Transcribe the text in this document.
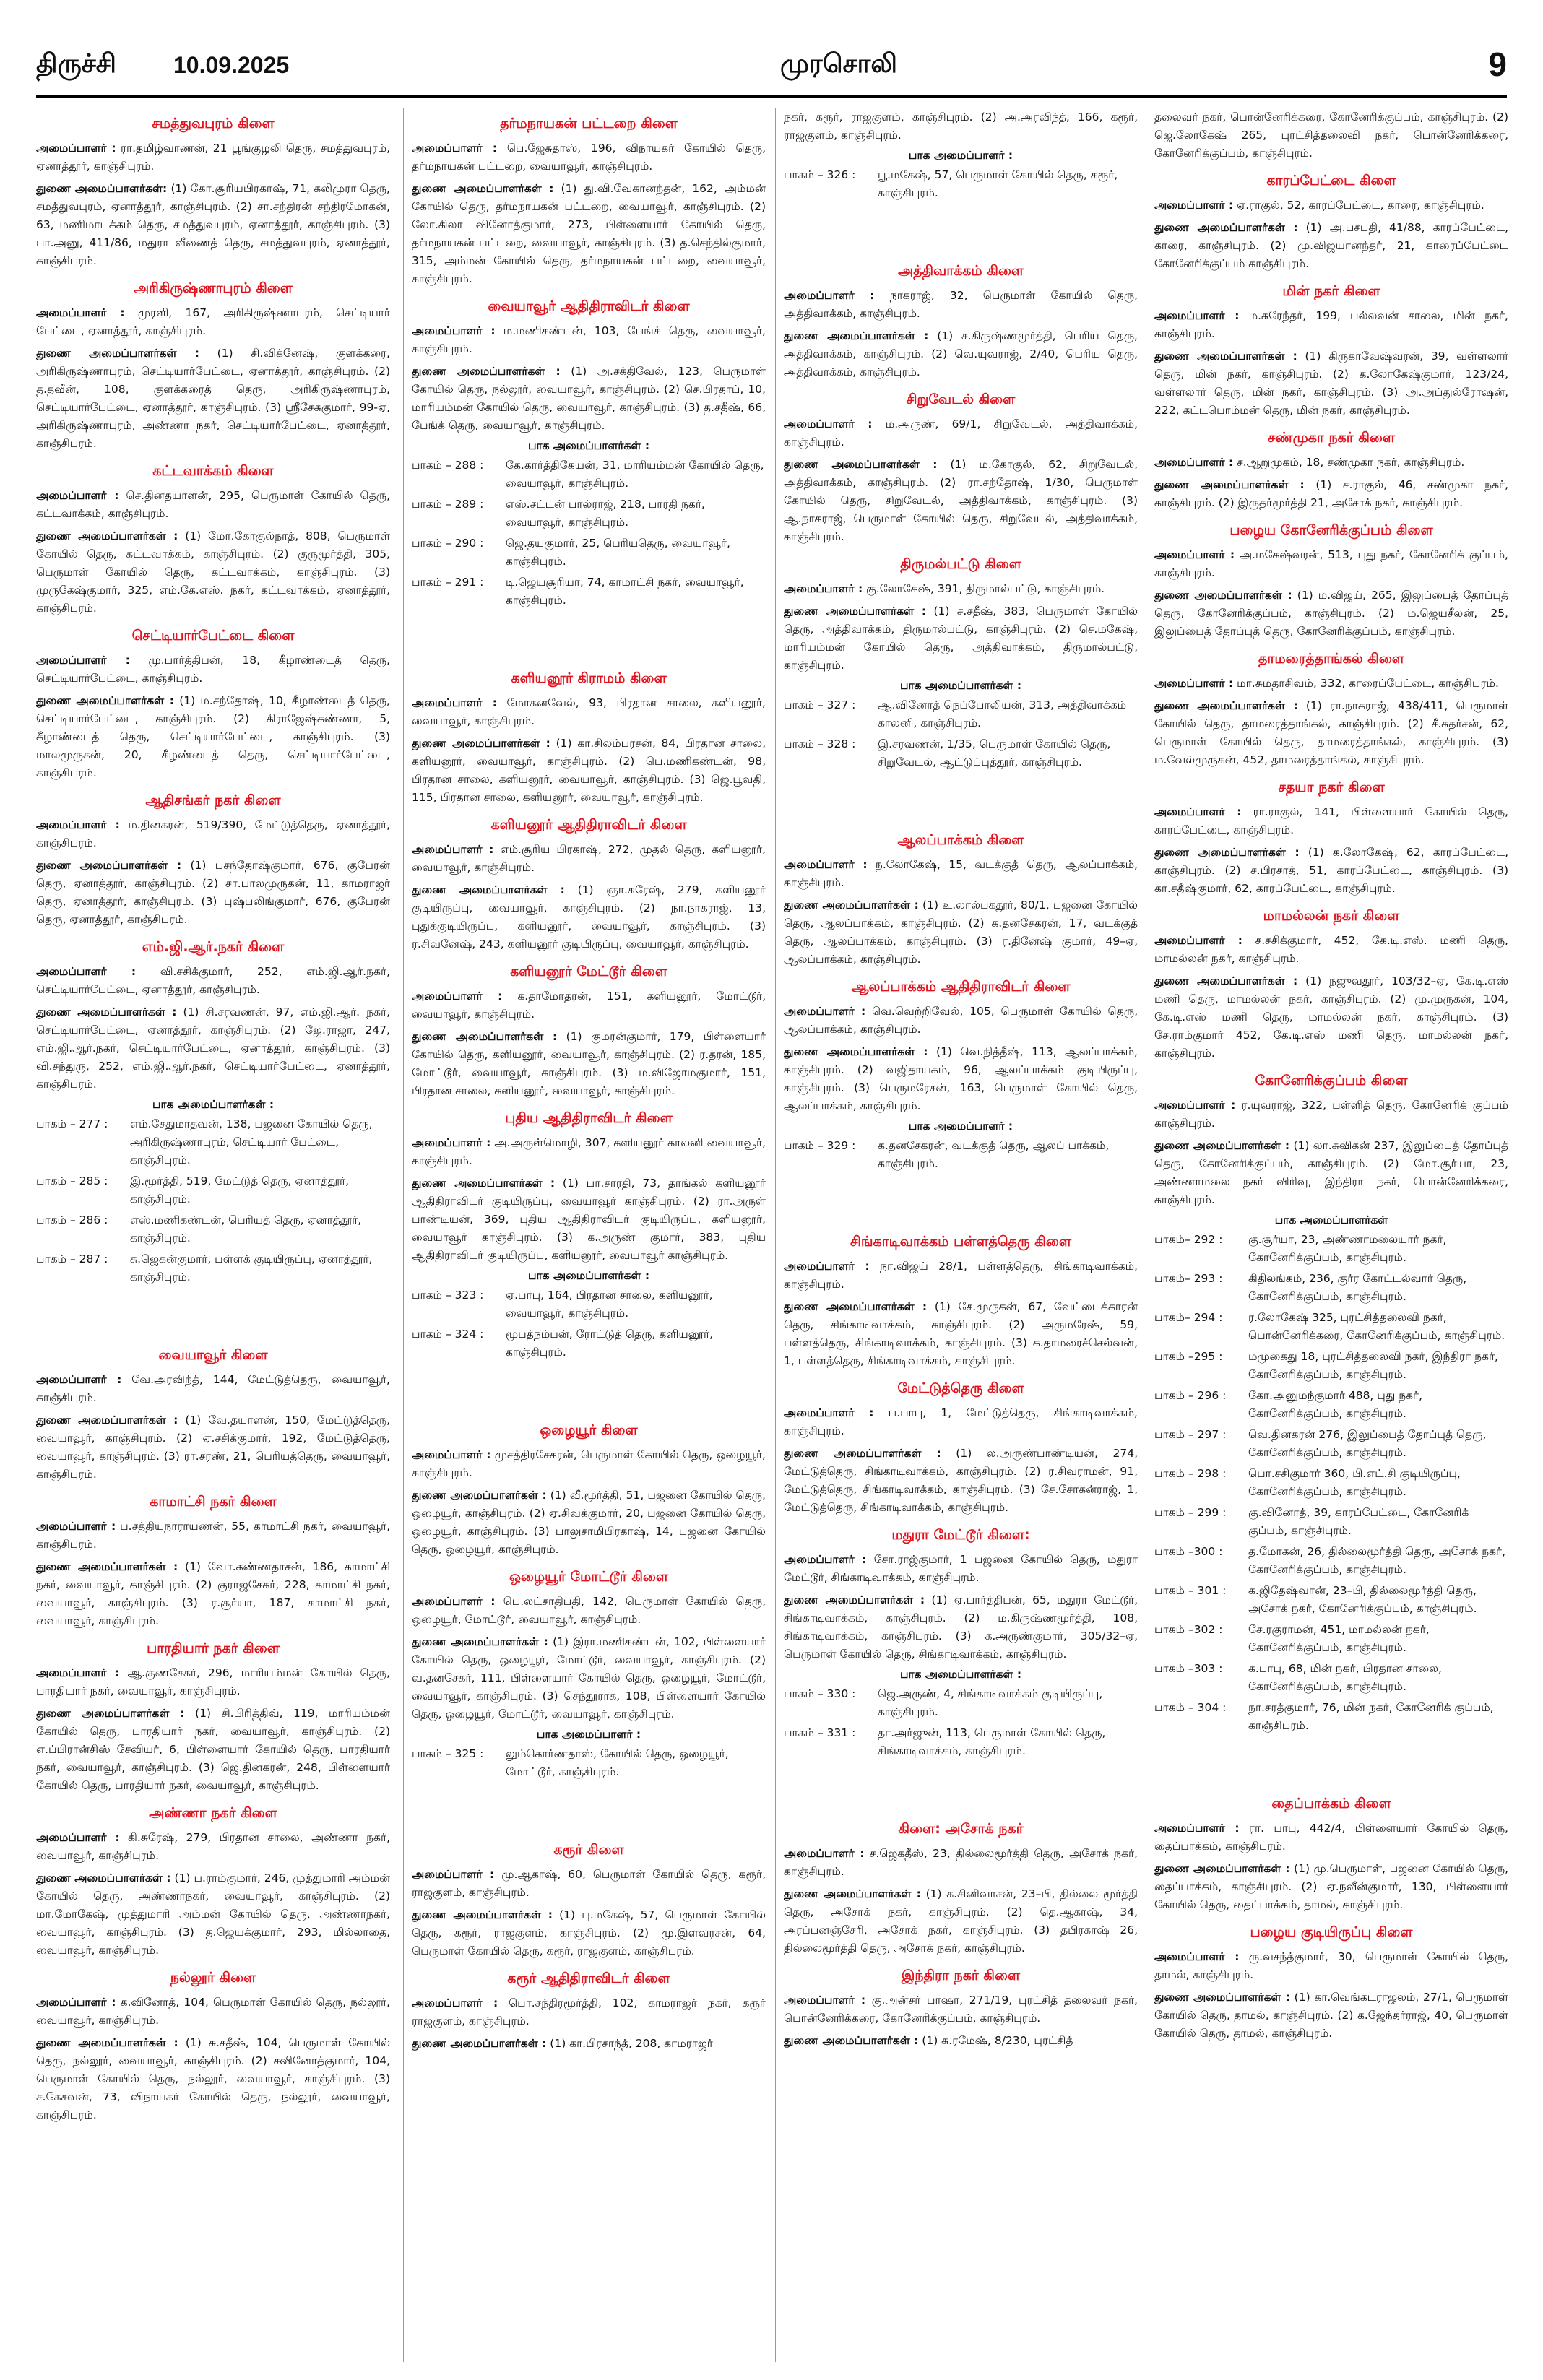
திருச்சி 10.09.2025	முரசொலி	9
சமத்துவபுரம் கிளை
அமைப்பாளர் : ரா.தமிழ்வாணன், 21 பூங்குழலி தெரு, சமத்துவபுரம், ஏனாத்தூர், காஞ்சிபுரம்.
துணை அமைப்பாளர்கள்: (1) கோ.சூரியபிரகாஷ், 71, கலிமுரா தெரு, சமத்துவபுரம், ஏனாத்தூர், காஞ்சிபுரம். (2) சா.சந்திரன் சந்திரமோகன், 63, மணிமாடக்கம் தெரு, சமத்துவபுரம், ஏனாத்தூர், காஞ்சிபுரம். (3) பா.அனு, 411/86, மதுரா வீணைத் தெரு, சமத்துவபுரம், ஏனாத்தூர், காஞ்சிபுரம்.
அரிகிருஷ்ணாபுரம் கிளை
அமைப்பாளர் : முரளி, 167, அரிகிருஷ்ணாபுரம், செட்டியார் பேட்டை, ஏனாத்தூர், காஞ்சிபுரம்.
துணை அமைப்பாளர்கள் : (1) சி.விக்னேஷ், குளக்கரை, அரிகிருஷ்ணாபுரம், செட்டியார்பேட்டை, ஏனாத்தூர், காஞ்சிபுரம். (2) த.தவீன், 108, குளக்கரைத் தெரு, அரிகிருஷ்ணாபுரம், செட்டியார்பேட்டை, ஏனாத்தூர், காஞ்சிபுரம். (3) ஸ்ரீசேசுகுமார், 99-ஏ, அரிகிருஷ்ணாபுரம், அண்ணா நகர், செட்டியார்பேட்டை, ஏனாத்தூர், காஞ்சிபுரம்.
கட்டவாக்கம் கிளை
அமைப்பாளர் : செ.தினதயாளன், 295, பெருமாள் கோயில் தெரு, கட்டவாக்கம், காஞ்சிபுரம்.
துணை அமைப்பாளர்கள் : (1) மோ.கோகுல்நாத், 808, பெருமாள் கோயில் தெரு, கட்டவாக்கம், காஞ்சிபுரம். (2) குருமூர்த்தி, 305, பெருமாள் கோயில் தெரு, கட்டவாக்கம், காஞ்சிபுரம். (3) முருகேஷ்குமார், 325, எம்.கே.எஸ். நகர், கட்டவாக்கம், ஏனாத்தூர், காஞ்சிபுரம்.
செட்டியார்பேட்டை கிளை
அமைப்பாளர் : மு.பார்த்திபன், 18, கீழாண்டைத் தெரு, செட்டியார்பேட்டை, காஞ்சிபுரம்.
துணை அமைப்பாளர்கள் : (1) ம.சந்தோஷ், 10, கீழாண்டைத் தெரு, செட்டியார்பேட்டை, காஞ்சிபுரம். (2) கிராஜேஷ்கண்ணா, 5, கீழாண்டைத் தெரு, செட்டியார்பேட்டை, காஞ்சிபுரம். (3) மாலமுருகன், 20, கீழண்டைத் தெரு, செட்டியார்பேட்டை, காஞ்சிபுரம்.
ஆதிசங்கர் நகர் கிளை
அமைப்பாளர் : ம.தினகரன், 519/390, மேட்டுத்தெரு, ஏனாத்தூர், காஞ்சிபுரம்.
துணை அமைப்பாளர்கள் : (1) பசந்தோஷ்குமார், 676, குபேரன் தெரு, ஏனாத்தூர், காஞ்சிபுரம். (2) சா.பாலமுருகன், 11, காமராஜர் தெரு, ஏனாத்தூர், காஞ்சிபுரம். (3) புஷ்பலிங்குமார், 676, குபேரன் தெரு, ஏனாத்தூர், காஞ்சிபுரம்.
எம்.ஜி.ஆர்.நகர் கிளை
அமைப்பாளர் : வி.சசிக்குமார், 252, எம்.ஜி.ஆர்.நகர், செட்டியார்பேட்டை, ஏனாத்தூர், காஞ்சிபுரம்.
துணை அமைப்பாளர்கள் : (1) சி.சரவணன், 97, எம்.ஜி.ஆர். நகர், செட்டியார்பேட்டை, ஏனாத்தூர், காஞ்சிபுரம். (2) ஜே.ராஜா, 247, எம்.ஜி.ஆர்.நகர், செட்டியார்பேட்டை, ஏனாத்தூர், காஞ்சிபுரம். (3) வி.சந்துரு, 252, எம்.ஜி.ஆர்.நகர், செட்டியார்பேட்டை, ஏனாத்தூர், காஞ்சிபுரம்.
பாக அமைப்பாளர்கள் :
பாகம் – 277 :	எம்.சேதுமாதவன், 138, பஜனை கோயில் தெரு, அரிகிருஷ்ணாபுரம், செட்டியார் பேட்டை, காஞ்சிபுரம்.
பாகம் – 285 :	இ.மூர்த்தி, 519, மேட்டுத் தெரு, ஏனாத்தூர், காஞ்சிபுரம்.
பாகம் – 286 :	எஸ்.மணிகண்டன், பெரியத் தெரு, ஏனாத்தூர், காஞ்சிபுரம்.
பாகம் – 287 :	சு.ஜெகன்குமார், பள்ளக் குடியிருப்பு, ஏனாத்தூர், காஞ்சிபுரம்.
வையாவூர் கிளை
அமைப்பாளர் : வே.அரவிந்த், 144, மேட்டுத்தெரு, வையாவூர், காஞ்சிபுரம்.
துணை அமைப்பாளர்கள் : (1) வே.தயாளன், 150, மேட்டுத்தெரு, வையாவூர், காஞ்சிபுரம். (2) ஏ.சசிக்குமார், 192, மேட்டுத்தெரு, வையாவூர், காஞ்சிபுரம். (3) ரா.சரண், 21, பெரியத்தெரு, வையாவூர், காஞ்சிபுரம்.
காமாட்சி நகர் கிளை
அமைப்பாளர் : ப.சத்தியநாராயணன், 55, காமாட்சி நகர், வையாவூர், காஞ்சிபுரம்.
துணை அமைப்பாளர்கள் : (1) வோ.கண்ணதாசன், 186, காமாட்சி நகர், வையாவூர், காஞ்சிபுரம். (2) குராஜசேகர், 228, காமாட்சி நகர், வையாவூர், காஞ்சிபுரம். (3) ர.சூர்யா, 187, காமாட்சி நகர், வையாவூர், காஞ்சிபுரம்.
பாரதியார் நகர் கிளை
அமைப்பாளர் : ஆ.குணசேகர், 296, மாரியம்மன் கோயில் தெரு, பாரதியார் நகர், வையாவூர், காஞ்சிபுரம்.
துணை அமைப்பாளர்கள் : (1) சி.பிரித்திவ், 119, மாரியம்மன் கோயில் தெரு, பாரதியார் நகர், வையாவூர், காஞ்சிபுரம். (2) எ.ப்பிரான்சிஸ் சேவியர், 6, பிள்ளையார் கோயில் தெரு, பாரதியார் நகர், வையாவூர், காஞ்சிபுரம். (3) ஜெ.தினகரன், 248, பிள்ளையார் கோயில் தெரு, பாரதியார் நகர், வையாவூர், காஞ்சிபுரம்.
அண்ணா நகர் கிளை
அமைப்பாளர் : கி.சுரேஷ், 279, பிரதான சாலை, அண்ணா நகர், வையாவூர், காஞ்சிபுரம்.
துணை அமைப்பாளர்கள் : (1) ப.ராம்குமார், 246, முத்துமாரி அம்மன் கோயில் தெரு, அண்ணாநகர், வையாவூர், காஞ்சிபுரம். (2) மா.மோகேஷ், முத்துமாரி அம்மன் கோயில் தெரு, அண்ணாநகர், வையாவூர், காஞ்சிபுரம். (3) த.ஜெயக்குமார், 293, மில்லாதை, வையாவூர், காஞ்சிபுரம்.
நல்லூர் கிளை
அமைப்பாளர் : க.வினோத், 104, பெருமாள் கோயில் தெரு, நல்லூர், வையாவூர், காஞ்சிபுரம்.
துணை அமைப்பாளர்கள் : (1) சு.சதீஷ், 104, பெருமாள் கோயில் தெரு, நல்லூர், வையாவூர், காஞ்சிபுரம். (2) சவினோத்குமார், 104, பெருமாள் கோயில் தெரு, நல்லூர், வையாவூர், காஞ்சிபுரம். (3) ச.கேசவன், 73, விநாயகர் கோயில் தெரு, நல்லூர், வையாவூர், காஞ்சிபுரம்.
தர்மநாயகன் பட்டறை கிளை
அமைப்பாளர் : பெ.ஜேசுதாஸ், 196, விநாயகர் கோயில் தெரு, தர்மநாயகன் பட்டறை, வையாவூர், காஞ்சிபுரம்.
துணை அமைப்பாளர்கள் : (1) து.வி.வேகானந்தன், 162, அம்மன் கோயில் தெரு, தர்மநாயகன் பட்டறை, வையாவூர், காஞ்சிபுரம். (2) லோ.கிலா வினோத்குமார், 273, பிள்ளையார் கோயில் தெரு, தர்மநாயகன் பட்டறை, வையாவூர், காஞ்சிபுரம். (3) த.செந்தில்குமார், 315, அம்மன் கோயில் தெரு, தர்மநாயகன் பட்டறை, வையாவூர், காஞ்சிபுரம்.
வையாவூர் ஆதிதிராவிடர் கிளை
அமைப்பாளர் : ம.மணிகண்டன், 103, பேங்க் தெரு, வையாவூர், காஞ்சிபுரம்.
துணை அமைப்பாளர்கள் : (1) அ.சக்திவேல், 123, பெருமாள் கோயில் தெரு, நல்லூர், வையாவூர், காஞ்சிபுரம். (2) செ.பிரதாப், 10, மாரியம்மன் கோயில் தெரு, வையாவூர், காஞ்சிபுரம். (3) த.சதீஷ், 66, பேங்க் தெரு, வையாவூர், காஞ்சிபுரம்.
பாக அமைப்பாளர்கள் :
பாகம் – 288 :	கே.கார்த்திகேயன், 31, மாரியம்மன் கோயில் தெரு, வையாவூர், காஞ்சிபுரம்.
பாகம் – 289 :	எஸ்.சட்டன் பால்ராஜ், 218, பாரதி நகர், வையாவூர், காஞ்சிபுரம்.
பாகம் – 290 :	ஜெ.தயகுமார், 25, பெரியதெரு, வையாவூர், காஞ்சிபுரம்.
பாகம் – 291 :	டி.ஜெயசூரியா, 74, காமாட்சி நகர், வையாவூர், காஞ்சிபுரம்.
களியனூர் கிராமம் கிளை
அமைப்பாளர் : மோகனவேல், 93, பிரதான சாலை, களியனூர், வையாவூர், காஞ்சிபுரம்.
துணை அமைப்பாளர்கள் : (1) கா.சிலம்பரசன், 84, பிரதான சாலை, களியனூர், வையாவூர், காஞ்சிபுரம். (2) பெ.மணிகண்டன், 98, பிரதான சாலை, களியனூர், வையாவூர், காஞ்சிபுரம். (3) ஜெ.பூவதி, 115, பிரதான சாலை, களியனூர், வையாவூர், காஞ்சிபுரம்.
களியனூர் ஆதிதிராவிடர் கிளை
அமைப்பாளர் : எம்.சூரிய பிரகாஷ், 272, முதல் தெரு, களியனூர், வையாவூர், காஞ்சிபுரம்.
துணை அமைப்பாளர்கள் : (1) ஞா.சுரேஷ், 279, களியனூர் குடியிருப்பு, வையாவூர், காஞ்சிபுரம். (2) நா.நாகராஜ், 13, புதுக்குடியிருப்பு, களியனூர், வையாவூர், காஞ்சிபுரம். (3) ர.சிவனேஷ், 243, களியனூர் குடியிருப்பு, வையாவூர், காஞ்சிபுரம்.
களியனூர் மேட்டூர் கிளை
அமைப்பாளர் : க.தாமோதரன், 151, களியனூர், மோட்டூர், வையாவூர், காஞ்சிபுரம்.
துணை அமைப்பாளர்கள் : (1) குமரன்குமார், 179, பிள்ளையார் கோயில் தெரு, களியனூர், வையாவூர், காஞ்சிபுரம். (2) ர.தரன், 185, மோட்டூர், வையாவூர், காஞ்சிபுரம். (3) ம.விஜோமகுமார், 151, பிரதான சாலை, களியனூர், வையாவூர், காஞ்சிபுரம்.
புதிய ஆதிதிராவிடர் கிளை
அமைப்பாளர் : அ.அருள்மொழி, 307, களியனூர் காலனி வையாவூர், காஞ்சிபுரம்.
துணை அமைப்பாளர்கள் : (1) பா.சாரதி, 73, தாங்கல் களியனூர் ஆதிதிராவிடர் குடியிருப்பு, வையாவூர் காஞ்சிபுரம். (2) ரா.அருள் பாண்டியன், 369, புதிய ஆதிதிராவிடர் குடியிருப்பு, களியனூர், வையாவூர் காஞ்சிபுரம். (3) க.அருண் குமார், 383, புதிய ஆதிதிராவிடர் குடியிருப்பு, களியனூர், வையாவூர் காஞ்சிபுரம்.
பாக அமைப்பாளர்கள் :
பாகம் – 323 :	ஏ.பாபு, 164, பிரதான சாலை, களியனூர், வையாவூர், காஞ்சிபுரம்.
பாகம் – 324 :	மூபத்நம்பன், ரோட்டுத் தெரு, களியனூர், காஞ்சிபுரம்.
ஒழையூர் கிளை
அமைப்பாளர் : முசத்திரசேகரன், பெருமாள் கோயில் தெரு, ஒழையூர், காஞ்சிபுரம்.
துணை அமைப்பாளர்கள் : (1) வீ.மூர்த்தி, 51, பஜனை கோயில் தெரு, ஒழையூர், காஞ்சிபுரம். (2) ஏ.சிவக்குமார், 20, பஜனை கோயில் தெரு, ஒழையூர், காஞ்சிபுரம். (3) பாலுசாமிபிரகாஷ், 14, பஜனை கோயில் தெரு, ஒழையூர், காஞ்சிபுரம்.
ஒழையூர் மோட்டூர் கிளை
அமைப்பாளர் : பெ.லட்சாதிபதி, 142, பெருமாள் கோயில் தெரு, ஒழையூர், மோட்டூர், வையாவூர், காஞ்சிபுரம்.
துணை அமைப்பாளர்கள் : (1) இரா.மணிகண்டன், 102, பிள்ளையார் கோயில் தெரு, ஒழையூர், மோட்டூர், வையாவூர், காஞ்சிபுரம். (2) வ.தனசேகர், 111, பிள்ளையார் கோயில் தெரு, ஒழையூர், மோட்டூர், வையாவூர், காஞ்சிபுரம். (3) செந்தூராக, 108, பிள்ளையார் கோயில் தெரு, ஒழையூர், மோட்டூர், வையாவூர், காஞ்சிபுரம்.
பாக அமைப்பாளர் :
பாகம் – 325 :	லும்கொர்ணதாஸ், கோயில் தெரு, ஒழையூர், மோட்டூர், காஞ்சிபுரம்.
கரூர் கிளை
அமைப்பாளர் : மு.ஆகாஷ், 60, பெருமாள் கோயில் தெரு, கரூர், ராஜகுளம், காஞ்சிபுரம்.
துணை அமைப்பாளர்கள் : (1) பு.மகேஷ், 57, பெருமாள் கோயில் தெரு, கரூர், ராஜகுளம், காஞ்சிபுரம். (2) மு.இளவரசன், 64, பெருமாள் கோயில் தெரு, கரூர், ராஜகுளம், காஞ்சிபுரம்.
கரூர் ஆதிதிராவிடர் கிளை
அமைப்பாளர் : பொ.சந்திரமூர்த்தி, 102, காமராஜர் நகர், கரூர் ராஜகுளம், காஞ்சிபுரம்.
துணை அமைப்பாளர்கள் : (1) கா.பிரசாந்த், 208, காமராஜர்
நகர், கரூர், ராஜகுளம், காஞ்சிபுரம். (2) அ.அரவிந்த், 166, கரூர், ராஜகுளம், காஞ்சிபுரம்.
பாக அமைப்பாளர் :
பாகம் – 326 :	பூ.மகேஷ், 57, பெருமாள் கோயில் தெரு, கரூர், காஞ்சிபுரம்.
அத்திவாக்கம் கிளை
அமைப்பாளர் : நாகராஜ், 32, பெருமாள் கோயில் தெரு, அத்திவாக்கம், காஞ்சிபுரம்.
துணை அமைப்பாளர்கள் : (1) ச.கிருஷ்ணமூர்த்தி, பெரிய தெரு, அத்திவாக்கம், காஞ்சிபுரம். (2) வெ.யுவராஜ், 2/40, பெரிய தெரு, அத்திவாக்கம், காஞ்சிபுரம்.
சிறுவேடல் கிளை
அமைப்பாளர் : ம.அருண், 69/1, சிறுவேடல், அத்திவாக்கம், காஞ்சிபுரம்.
துணை அமைப்பாளர்கள் : (1) ம.கோகுல், 62, சிறுவேடல், அத்திவாக்கம், காஞ்சிபுரம். (2) ரா.சந்தோஷ், 1/30, பெருமாள் கோயில் தெரு, சிறுவேடல், அத்திவாக்கம், காஞ்சிபுரம். (3) ஆ.நாகராஜ், பெருமாள் கோயில் தெரு, சிறுவேடல், அத்திவாக்கம், காஞ்சிபுரம்.
திருமல்பட்டு கிளை
அமைப்பாளர் : கு.லோகேஷ், 391, திருமால்பட்டு, காஞ்சிபுரம்.
துணை அமைப்பாளர்கள் : (1) ச.சதீஷ், 383, பெருமாள் கோயில் தெரு, அத்திவாக்கம், திருமால்பட்டு, காஞ்சிபுரம். (2) செ.மகேஷ், மாரியம்மன் கோயில் தெரு, அத்திவாக்கம், திருமால்பட்டு, காஞ்சிபுரம்.
பாக அமைப்பாளர்கள் :
பாகம் – 327 :	ஆ.வினோத் நெப்போலியன், 313, அத்திவாக்கம் காலனி, காஞ்சிபுரம்.
பாகம் – 328 :	இ.சரவணன், 1/35, பெருமாள் கோயில் தெரு, சிறுவேடல், ஆட்டுப்புத்தூர், காஞ்சிபுரம்.
ஆலப்பாக்கம் கிளை
அமைப்பாளர் : ந.லோகேஷ், 15, வடக்குத் தெரு, ஆலப்பாக்கம், காஞ்சிபுரம்.
துணை அமைப்பாளர்கள் : (1) உ.லால்பகதூர், 80/1, பஜனை கோயில் தெரு, ஆலப்பாக்கம், காஞ்சிபுரம். (2) க.தனசேகரன், 17, வடக்குத் தெரு, ஆலப்பாக்கம், காஞ்சிபுரம். (3) ர.தினேஷ் குமார், 49–ஏ, ஆலப்பாக்கம், காஞ்சிபுரம்.
ஆலப்பாக்கம் ஆதிதிராவிடர் கிளை
அமைப்பாளர் : வெ.வெற்றிவேல், 105, பெருமாள் கோயில் தெரு, ஆலப்பாக்கம், காஞ்சிபுரம்.
துணை அமைப்பாளர்கள் : (1) வெ.நித்தீஷ், 113, ஆலப்பாக்கம், காஞ்சிபுரம். (2) வஜிதாயகம், 96, ஆலப்பாக்கம் குடியிருப்பு, காஞ்சிபுரம். (3) பெருமரேசன், 163, பெருமாள் கோயில் தெரு, ஆலப்பாக்கம், காஞ்சிபுரம்.
பாக அமைப்பாளர் :
பாகம் – 329 :	க.தனசேகரன், வடக்குத் தெரு, ஆலப் பாக்கம், காஞ்சிபுரம்.
சிங்காடிவாக்கம் பள்ளத்தெரு கிளை
அமைப்பாளர் : நா.விஜய் 28/1, பள்ளத்தெரு, சிங்காடிவாக்கம், காஞ்சிபுரம்.
துணை அமைப்பாளர்கள் : (1) சே.முருகன், 67, வேட்டைக்காரன் தெரு, சிங்காடிவாக்கம், காஞ்சிபுரம். (2) அருமரேஷ், 59, பள்ளத்தெரு, சிங்காடிவாக்கம், காஞ்சிபுரம். (3) க.தாமரைச்செல்வன், 1, பள்ளத்தெரு, சிங்காடிவாக்கம், காஞ்சிபுரம்.
மேட்டுத்தெரு கிளை
அமைப்பாளர் : ப.பாபு, 1, மேட்டுத்தெரு, சிங்காடிவாக்கம், காஞ்சிபுரம்.
துணை அமைப்பாளர்கள் : (1) ல.அருண்பாண்டியன், 274, மேட்டுத்தெரு, சிங்காடிவாக்கம், காஞ்சிபுரம். (2) ர.சிவராமன், 91, மேட்டுத்தெரு, சிங்காடிவாக்கம், காஞ்சிபுரம். (3) சே.சோகன்ராஜ், 1, மேட்டுத்தெரு, சிங்காடிவாக்கம், காஞ்சிபுரம்.
மதுரா மேட்டூர் கிளை:
அமைப்பாளர் : சோ.ராஜ்குமார், 1 பஜனை கோயில் தெரு, மதுரா மேட்டூர், சிங்காடிவாக்கம், காஞ்சிபுரம்.
துணை அமைப்பாளர்கள் : (1) ஏ.பார்த்திபன், 65, மதுரா மேட்டூர், சிங்காடிவாக்கம், காஞ்சிபுரம். (2) ம.கிருஷ்ணமூர்த்தி, 108, சிங்காடிவாக்கம், காஞ்சிபுரம். (3) க.அருண்குமார், 305/32–ஏ, பெருமாள் கோயில் தெரு, சிங்காடிவாக்கம், காஞ்சிபுரம்.
பாக அமைப்பாளர்கள் :
பாகம் – 330 :	ஜெ.அருண், 4, சிங்காடிவாக்கம் குடியிருப்பு, காஞ்சிபுரம்.
பாகம் – 331 :	தா.அர்ஜுன், 113, பெருமாள் கோயில் தெரு, சிங்காடிவாக்கம், காஞ்சிபுரம்.
கிளை: அசோக் நகர்
அமைப்பாளர் : ச.ஜெகதீஸ், 23, தில்லைமூர்த்தி தெரு, அசோக் நகர், காஞ்சிபுரம்.
துணை அமைப்பாளர்கள் : (1) க.சினிவாசன், 23–பி, தில்லை மூர்த்தி தெரு, அசோக் நகர், காஞ்சிபுரம். (2) தெ.ஆகாஷ், 34, அரப்பனஞ்சேரி, அசோக் நகர், காஞ்சிபுரம். (3) தபிரகாஷ் 26, தில்லைமூர்த்தி தெரு, அசோக் நகர், காஞ்சிபுரம்.
இந்திரா நகர் கிளை
அமைப்பாளர் : கு.அன்சர் பாஷா, 271/19, புரட்சித் தலைவர் நகர், பொன்னேரிக்கரை, கோனேரிக்குப்பம், காஞ்சிபுரம்.
துணை அமைப்பாளர்கள் : (1) சு.ரமேஷ், 8/230, புரட்சித்
தலைவர் நகர், பொன்னேரிக்கரை, கோனேரிக்குப்பம், காஞ்சிபுரம். (2) ஜெ.லோகேஷ் 265, புரட்சித்தலைவி நகர், பொன்னேரிக்கரை, கோனேரிக்குப்பம், காஞ்சிபுரம்.
காரப்பேட்டை கிளை
அமைப்பாளர் : ஏ.ராகுல், 52, காரப்பேட்டை, காரை, காஞ்சிபுரம்.
துணை அமைப்பாளர்கள் : (1) அ.பசபதி, 41/88, காரப்பேட்டை, காரை, காஞ்சிபுரம். (2) மு.விஜயானந்தர், 21, காரைப்பேட்டை கோனேரிக்குப்பம் காஞ்சிபுரம்.
மின் நகர் கிளை
அமைப்பாளர் : ம.சுரேந்தர், 199, பல்லவன் சாலை, மின் நகர், காஞ்சிபுரம்.
துணை அமைப்பாளர்கள் : (1) கிருகாவேஷ்வரன், 39, வள்ளலார் தெரு, மின் நகர், காஞ்சிபுரம். (2) க.லோகேஷ்குமார், 123/24, வள்ளலார் தெரு, மின் நகர், காஞ்சிபுரம். (3) அ.அப்துல்ரோஷன், 222, கட்டபொம்மன் தெரு, மின் நகர், காஞ்சிபுரம்.
சண்முகா நகர் கிளை
அமைப்பாளர் : ச.ஆறுமுகம், 18, சண்முகா நகர், காஞ்சிபுரம்.
துணை அமைப்பாளர்கள் : (1) ச.ராகுல், 46, சண்முகா நகர், காஞ்சிபுரம். (2) இருதர்மூர்த்தி 21, அசோக் நகர், காஞ்சிபுரம்.
பழைய கோனேரிக்குப்பம் கிளை
அமைப்பாளர் : அ.மகேஷ்வரன், 513, புது நகர், கோனேரிக் குப்பம், காஞ்சிபுரம்.
துணை அமைப்பாளர்கள் : (1) ம.விஜய், 265, இலுப்பைத் தோப்புத் தெரு, கோனேரிக்குப்பம், காஞ்சிபுரம். (2) ம.ஜெயசீலன், 25, இலுப்பைத் தோப்புத் தெரு, கோனேரிக்குப்பம், காஞ்சிபுரம்.
தாமரைத்தாங்கல் கிளை
அமைப்பாளர் : மா.சுமதாசிவம், 332, காரைப்பேட்டை, காஞ்சிபுரம்.
துணை அமைப்பாளர்கள் : (1) ரா.நாகராஜ், 438/411, பெருமாள் கோயில் தெரு, தாமரைத்தாங்கல், காஞ்சிபுரம். (2) சீ.சுதர்சன், 62, பெருமாள் கோயில் தெரு, தாமரைத்தாங்கல், காஞ்சிபுரம். (3) ம.வேல்முருகன், 452, தாமரைத்தாங்கல், காஞ்சிபுரம்.
சதயா நகர் கிளை
அமைப்பாளர் : ரா.ராகுல், 141, பிள்ளையார் கோயில் தெரு, காரப்பேட்டை, காஞ்சிபுரம்.
துணை அமைப்பாளர்கள் : (1) க.லோகேஷ், 62, காரப்பேட்டை, காஞ்சிபுரம். (2) ச.பிரசாத், 51, காரப்பேட்டை, காஞ்சிபுரம். (3) கா.சதீஷ்குமார், 62, காரப்பேட்டை, காஞ்சிபுரம்.
மாமல்லன் நகர் கிளை
அமைப்பாளர் : ச.சசிக்குமார், 452, கே.டி.எஸ். மணி தெரு, மாமல்லன் நகர், காஞ்சிபுரம்.
துணை அமைப்பாளர்கள் : (1) நஜுவதூர், 103/32–ஏ, கே.டி.எஸ் மணி தெரு, மாமல்லன் நகர், காஞ்சிபுரம். (2) மு.முருகன், 104, கே.டி.எஸ் மணி தெரு, மாமல்லன் நகர், காஞ்சிபுரம். (3) சே.ராம்குமார் 452, கே.டி.எஸ் மணி தெரு, மாமல்லன் நகர், காஞ்சிபுரம்.
கோனேரிக்குப்பம் கிளை
அமைப்பாளர் : ர.யுவராஜ், 322, பள்ளித் தெரு, கோனேரிக் குப்பம் காஞ்சிபுரம்.
துணை அமைப்பாளர்கள் : (1) லா.சுவிகன் 237, இலுப்பைத் தோப்புத் தெரு, கோனேரிக்குப்பம், காஞ்சிபுரம். (2) மோ.சூர்யா, 23, அண்ணாமலை நகர் விரிவு, இந்திரா நகர், பொன்னேரிக்கரை, காஞ்சிபுரம்.
பாக அமைப்பாளர்கள்
பாகம்– 292 :	கு.சூர்யா, 23, அண்ணாமலையார் நகர், கோனேரிக்குப்பம், காஞ்சிபுரம்.
பாகம்– 293 :	கிதிலங்கம், 236, குர்ர கோட்டல்வார் தெரு, கோனேரிக்குப்பம், காஞ்சிபுரம்.
பாகம்– 294 :	ர.லோகேஷ் 325, புரட்சித்தலைவி நகர், பொன்னேரிக்கரை, கோனேரிக்குப்பம், காஞ்சிபுரம்.
பாகம் –295 :	மமுகைது 18, புரட்சித்தலைவி நகர், இந்திரா நகர், கோனேரிக்குப்பம், காஞ்சிபுரம்.
பாகம் – 296 :	கோ.அனுமந்குமார் 488, புது நகர், கோனேரிக்குப்பம், காஞ்சிபுரம்.
பாகம் – 297 :	வெ.தினகரன் 276, இலுப்பைத் தோப்புத் தெரு, கோனேரிக்குப்பம், காஞ்சிபுரம்.
பாகம் – 298 :	பொ.சசிகுமார் 360, பி.எட்.சி குடியிருப்பு, கோனேரிக்குப்பம், காஞ்சிபுரம்.
பாகம் – 299 :	கு.வினோத், 39, காரப்பேட்டை, கோனேரிக் குப்பம், காஞ்சிபுரம்.
பாகம் –300 :	த.மோகன், 26, தில்லைமூர்த்தி தெரு, அசோக் நகர், கோனேரிக்குப்பம், காஞ்சிபுரம்.
பாகம் – 301 :	க.ஜிதேஷ்வான், 23–பி, தில்லைமூர்த்தி தெரு, அசோக் நகர், கோனேரிக்குப்பம், காஞ்சிபுரம்.
பாகம் –302 :	சே.ரகுராமன், 451, மாமல்லன் நகர், கோனேரிக்குப்பம், காஞ்சிபுரம்.
பாகம் –303 :	க.பாபு, 68, மின் நகர், பிரதான சாலை, கோனேரிக்குப்பம், காஞ்சிபுரம்.
பாகம் – 304 :	நா.சரத்குமார், 76, மின் நகர், கோனேரிக் குப்பம், காஞ்சிபுரம்.
தைப்பாக்கம் கிளை
அமைப்பாளர் : ரா. பாபு, 442/4, பிள்ளையார் கோயில் தெரு, தைப்பாக்கம், காஞ்சிபுரம்.
துணை அமைப்பாளர்கள் : (1) மு.பெருமாள், பஜனை கோயில் தெரு, தைப்பாக்கம், காஞ்சிபுரம். (2) ஏ.நவீன்குமார், 130, பிள்ளையார் கோயில் தெரு, தைப்பாக்கம், தாமல், காஞ்சிபுரம்.
பழைய குடியிருப்பு கிளை
அமைப்பாளர் : ரு.வசந்த்குமார், 30, பெருமாள் கோயில் தெரு, தாமல், காஞ்சிபுரம்.
துணை அமைப்பாளர்கள் : (1) கா.வெங்கடராஜலம், 27/1, பெருமாள் கோயில் தெரு, தாமல், காஞ்சிபுரம். (2) க.ஜேந்தர்ராஜ், 40, பெருமாள் கோயில் தெரு, தாமல், காஞ்சிபுரம்.
